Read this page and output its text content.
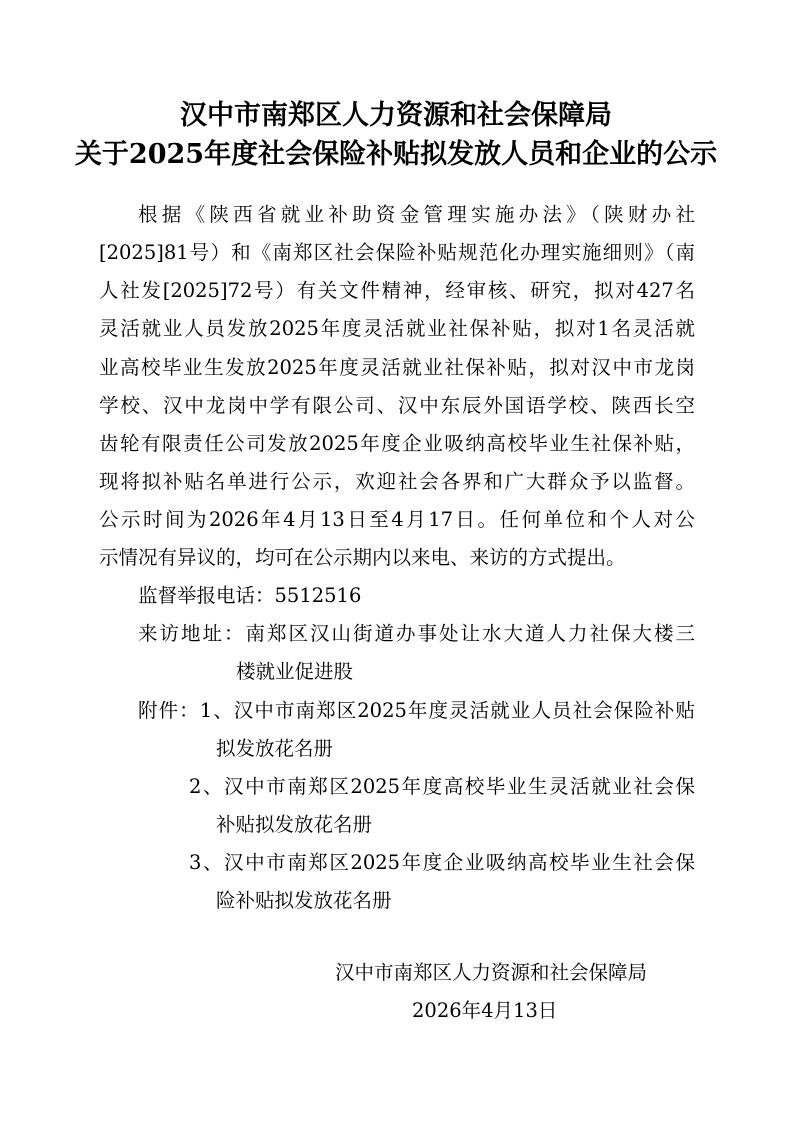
汉中市南郑区人力资源和社会保障局
关于2025年度社会保险补贴拟发放人员和企业的公示
根据《陕西省就业补助资金管理实施办法》（陕财办社
[2025]81号）和《南郑区社会保险补贴规范化办理实施细则》（南
人社发[2025]72号）有关文件精神，经审核、研究，拟对427名
灵活就业人员发放2025年度灵活就业社保补贴，拟对1名灵活就
业高校毕业生发放2025年度灵活就业社保补贴，拟对汉中市龙岗
学校、汉中龙岗中学有限公司、汉中东辰外国语学校、陕西长空
齿轮有限责任公司发放2025年度企业吸纳高校毕业生社保补贴，
现将拟补贴名单进行公示，欢迎社会各界和广大群众予以监督。
公示时间为2026年4月13日至4月17日。任何单位和个人对公
示情况有异议的，均可在公示期内以来电、来访的方式提出。
监督举报电话：5512516
来访地址：南郑区汉山街道办事处让水大道人力社保大楼三
楼就业促进股
附件：1、汉中市南郑区2025年度灵活就业人员社会保险补贴
拟发放花名册
2、汉中市南郑区2025年度高校毕业生灵活就业社会保
补贴拟发放花名册
3、汉中市南郑区2025年度企业吸纳高校毕业生社会保
险补贴拟发放花名册
汉中市南郑区人力资源和社会保障局
2026年4月13日
